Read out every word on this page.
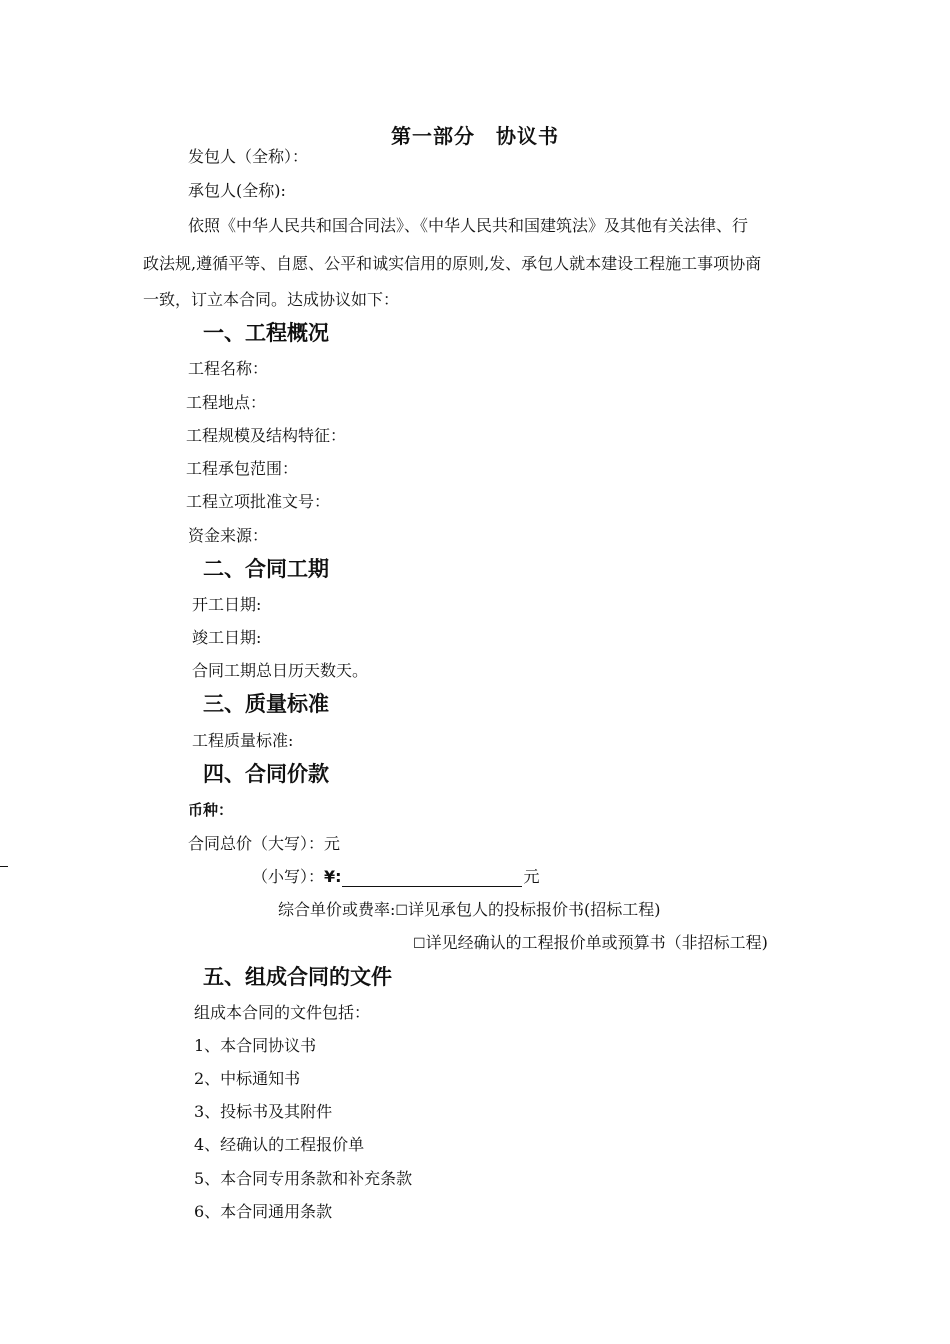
第一部分　协议书
发包人（全称）：
承包人(全称):
依照《中华人民共和国合同法》、《中华人民共和国建筑法》及其他有关法律、行
政法规,遵循平等、自愿、公平和诚实信用的原则,发、承包人就本建设工程施工事项协商
一致，订立本合同。达成协议如下：
一、工程概况
工程名称：
工程地点：
工程规模及结构特征：
工程承包范围：
工程立项批准文号：
资金来源：
二、合同工期
开工日期:
竣工日期:
合同工期总日历天数天。
三、质量标准
工程质量标准:
四、合同价款
币种：
合同总价（大写）：元
（小写）：¥:	元
综合单价或费率:☐详见承包人的投标报价书(招标工程)
☐详见经确认的工程报价单或预算书（非招标工程)
五、组成合同的文件
组成本合同的文件包括：
1、本合同协议书
2、中标通知书
3、投标书及其附件
4、经确认的工程报价单
5、本合同专用条款和补充条款
6、本合同通用条款
